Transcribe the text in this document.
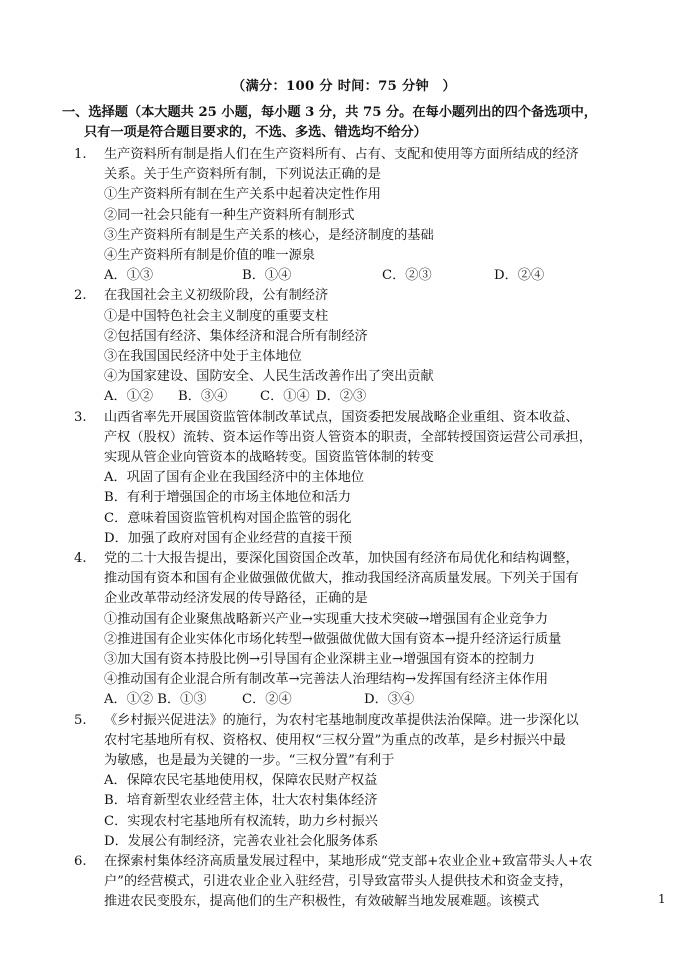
（满分：100 分 时间：75 分钟　）
一、选择题（本大题共 25 小题，每小题 3 分，共 75 分。在每小题列出的四个备选项中，
只有一项是符合题目要求的，不选、多选、错选均不给分）
1. 生产资料所有制是指人们在生产资料所有、占有、支配和使用等方面所结成的经济
关系。关于生产资料所有制，下列说法正确的是
①生产资料所有制在生产关系中起着决定性作用
②同一社会只能有一种生产资料所有制形式
③生产资料所有制是生产关系的核心，是经济制度的基础
④生产资料所有制是价值的唯一源泉
A．①③	B．①④	C．②③	D．②④
2. 在我国社会主义初级阶段，公有制经济
①是中国特色社会主义制度的重要支柱
②包括国有经济、集体经济和混合所有制经济
③在我国国民经济中处于主体地位
④为国家建设、国防安全、人民生活改善作出了突出贡献
A．①② B．③④ C．①④ D．②③
3. 山西省率先开展国资监管体制改革试点，国资委把发展战略企业重组、资本收益、
产权（股权）流转、资本运作等出资人管资本的职责，全部转授国资运营公司承担，
实现从管企业向管资本的战略转变。国资监管体制的转变
A．巩固了国有企业在我国经济中的主体地位
B．有利于增强国企的市场主体地位和活力
C．意味着国资监管机构对国企监管的弱化
D．加强了政府对国有企业经营的直接干预
4. 党的二十大报告提出，要深化国资国企改革，加快国有经济布局优化和结构调整，
推动国有资本和国有企业做强做优做大，推动我国经济高质量发展。下列关于国有
企业改革带动经济发展的传导路径，正确的是
①推动国有企业聚焦战略新兴产业→实现重大技术突破→增强国有企业竞争力
②推进国有企业实体化市场化转型→做强做优做大国有资本→提升经济运行质量
③加大国有资本持股比例→引导国有企业深耕主业→增强国有资本的控制力
④推动国有企业混合所有制改革→完善法人治理结构→发挥国有经济主体作用
A．①② B．①③	C．②④	D．③④
5. 《乡村振兴促进法》的施行，为农村宅基地制度改革提供法治保障。进一步深化以
农村宅基地所有权、资格权、使用权“三权分置”为重点的改革，是乡村振兴中最
为敏感，也是最为关键的一步。“三权分置”有利于
A．保障农民宅基地使用权，保障农民财产权益
B．培育新型农业经营主体，壮大农村集体经济
C．实现农村宅基地所有权流转，助力乡村振兴
D．发展公有制经济，完善农业社会化服务体系
6. 在探索村集体经济高质量发展过程中，某地形成“党支部+农业企业+致富带头人+农
户”的经营模式，引进农业企业入驻经营，引导致富带头人提供技术和资金支持，
推进农民变股东，提高他们的生产积极性，有效破解当地发展难题。该模式	1
